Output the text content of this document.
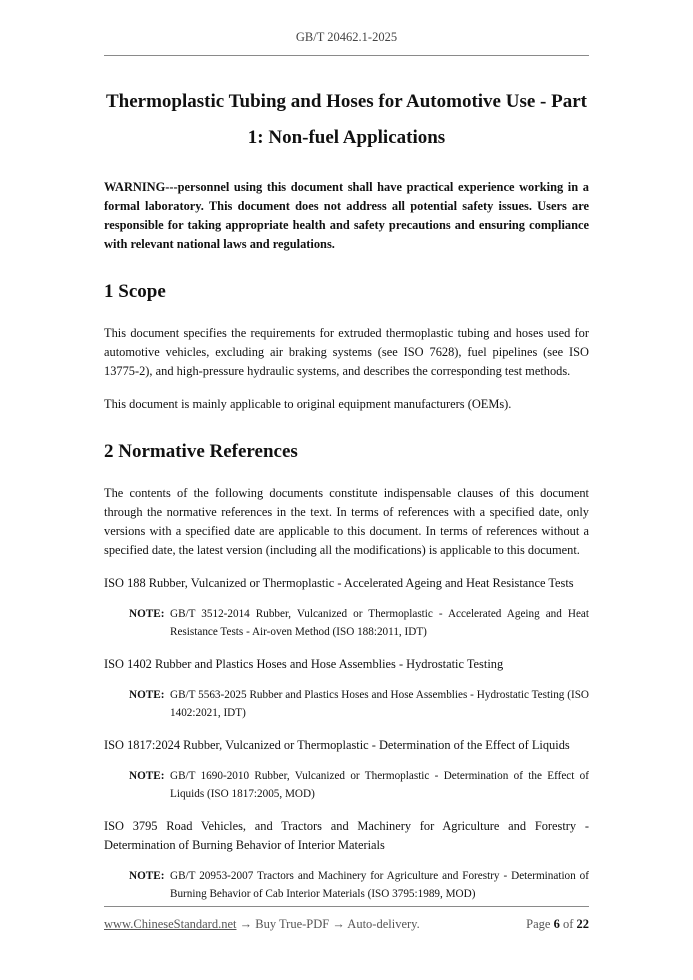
GB/T 20462.1-2025
Thermoplastic Tubing and Hoses for Automotive Use - Part
1: Non-fuel Applications

WARNING---personnel using this document shall have practical experience working in a formal laboratory. This document does not address all potential safety issues. Users are responsible for taking appropriate health and safety precautions and ensuring compliance with relevant national laws and regulations.

1 Scope

This document specifies the requirements for extruded thermoplastic tubing and hoses used for automotive vehicles, excluding air braking systems (see ISO 7628), fuel pipelines (see ISO 13775-2), and high-pressure hydraulic systems, and describes the corresponding test methods.

This document is mainly applicable to original equipment manufacturers (OEMs).

2 Normative References

The contents of the following documents constitute indispensable clauses of this document through the normative references in the text. In terms of references with a specified date, only versions with a specified date are applicable to this document. In terms of references without a specified date, the latest version (including all the modifications) is applicable to this document.

ISO 188 Rubber, Vulcanized or Thermoplastic - Accelerated Ageing and Heat Resistance Tests

NOTE: GB/T 3512-2014 Rubber, Vulcanized or Thermoplastic - Accelerated Ageing and Heat Resistance Tests - Air-oven Method (ISO 188:2011, IDT)

ISO 1402 Rubber and Plastics Hoses and Hose Assemblies - Hydrostatic Testing

NOTE: GB/T 5563-2025 Rubber and Plastics Hoses and Hose Assemblies - Hydrostatic Testing (ISO 1402:2021, IDT)

ISO 1817:2024 Rubber, Vulcanized or Thermoplastic - Determination of the Effect of Liquids

NOTE: GB/T 1690-2010 Rubber, Vulcanized or Thermoplastic - Determination of the Effect of Liquids (ISO 1817:2005, MOD)

ISO 3795 Road Vehicles, and Tractors and Machinery for Agriculture and Forestry - Determination of Burning Behavior of Interior Materials

NOTE: GB/T 20953-2007 Tractors and Machinery for Agriculture and Forestry - Determination of Burning Behavior of Cab Interior Materials (ISO 3795:1989, MOD)
www.ChineseStandard.net → Buy True-PDF → Auto-delivery.	Page 6 of 22
